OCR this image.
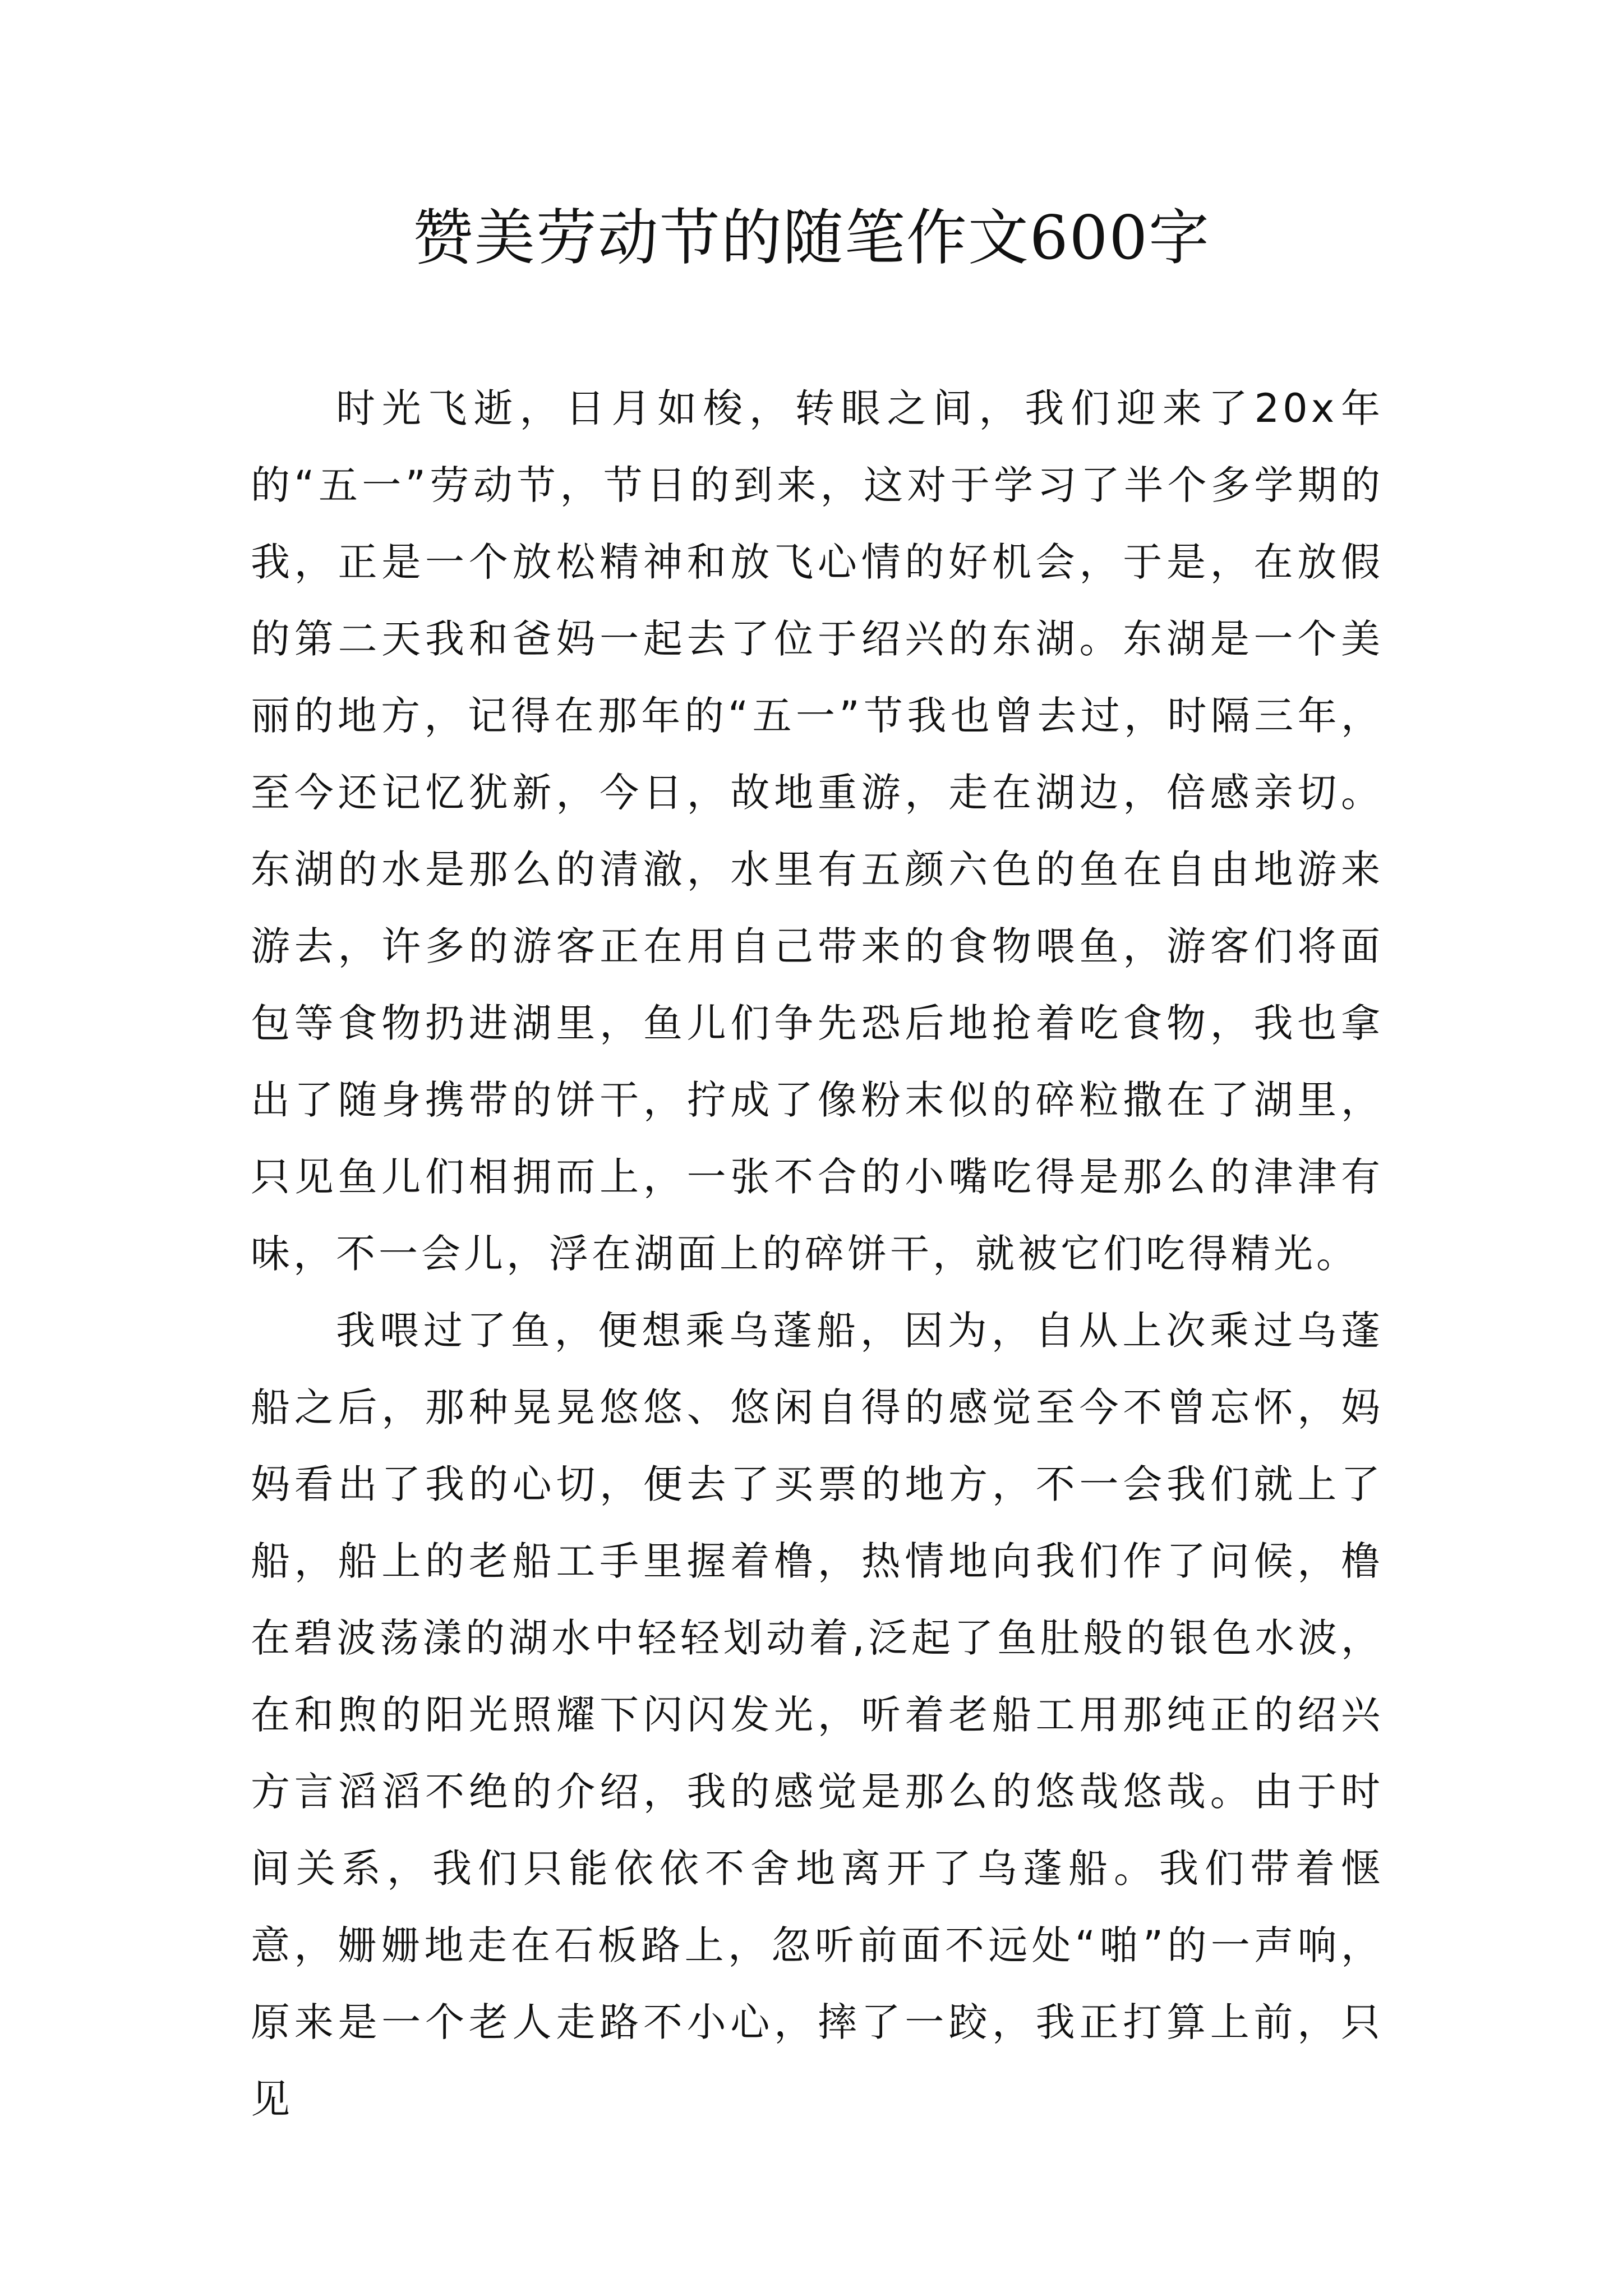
赞美劳动节的随笔作文600字

时光飞逝，日月如梭，转眼之间，我们迎来了20x年的“五一”劳动节，节日的到来，这对于学习了半个多学期的我，正是一个放松精神和放飞心情的好机会，于是，在放假的第二天我和爸妈一起去了位于绍兴的东湖。东湖是一个美丽的地方，记得在那年的“五一”节我也曾去过，时隔三年，至今还记忆犹新，今日，故地重游，走在湖边，倍感亲切。东湖的水是那么的清澈，水里有五颜六色的鱼在自由地游来游去，许多的游客正在用自己带来的食物喂鱼，游客们将面包等食物扔进湖里，鱼儿们争先恐后地抢着吃食物，我也拿出了随身携带的饼干，拧成了像粉末似的碎粒撒在了湖里，只见鱼儿们相拥而上，一张不合的小嘴吃得是那么的津津有味，不一会儿，浮在湖面上的碎饼干，就被它们吃得精光。

我喂过了鱼，便想乘乌蓬船，因为，自从上次乘过乌蓬船之后，那种晃晃悠悠、悠闲自得的感觉至今不曾忘怀，妈妈看出了我的心切，便去了买票的地方，不一会我们就上了船，船上的老船工手里握着橹，热情地向我们作了问候，橹在碧波荡漾的湖水中轻轻划动着,泛起了鱼肚般的银色水波，在和煦的阳光照耀下闪闪发光，听着老船工用那纯正的绍兴方言滔滔不绝的介绍，我的感觉是那么的悠哉悠哉。由于时间关系，我们只能依依不舍地离开了乌蓬船。我们带着惬意，姗姗地走在石板路上，忽听前面不远处“啪”的一声响，原来是一个老人走路不小心，摔了一跤，我正打算上前，只见
